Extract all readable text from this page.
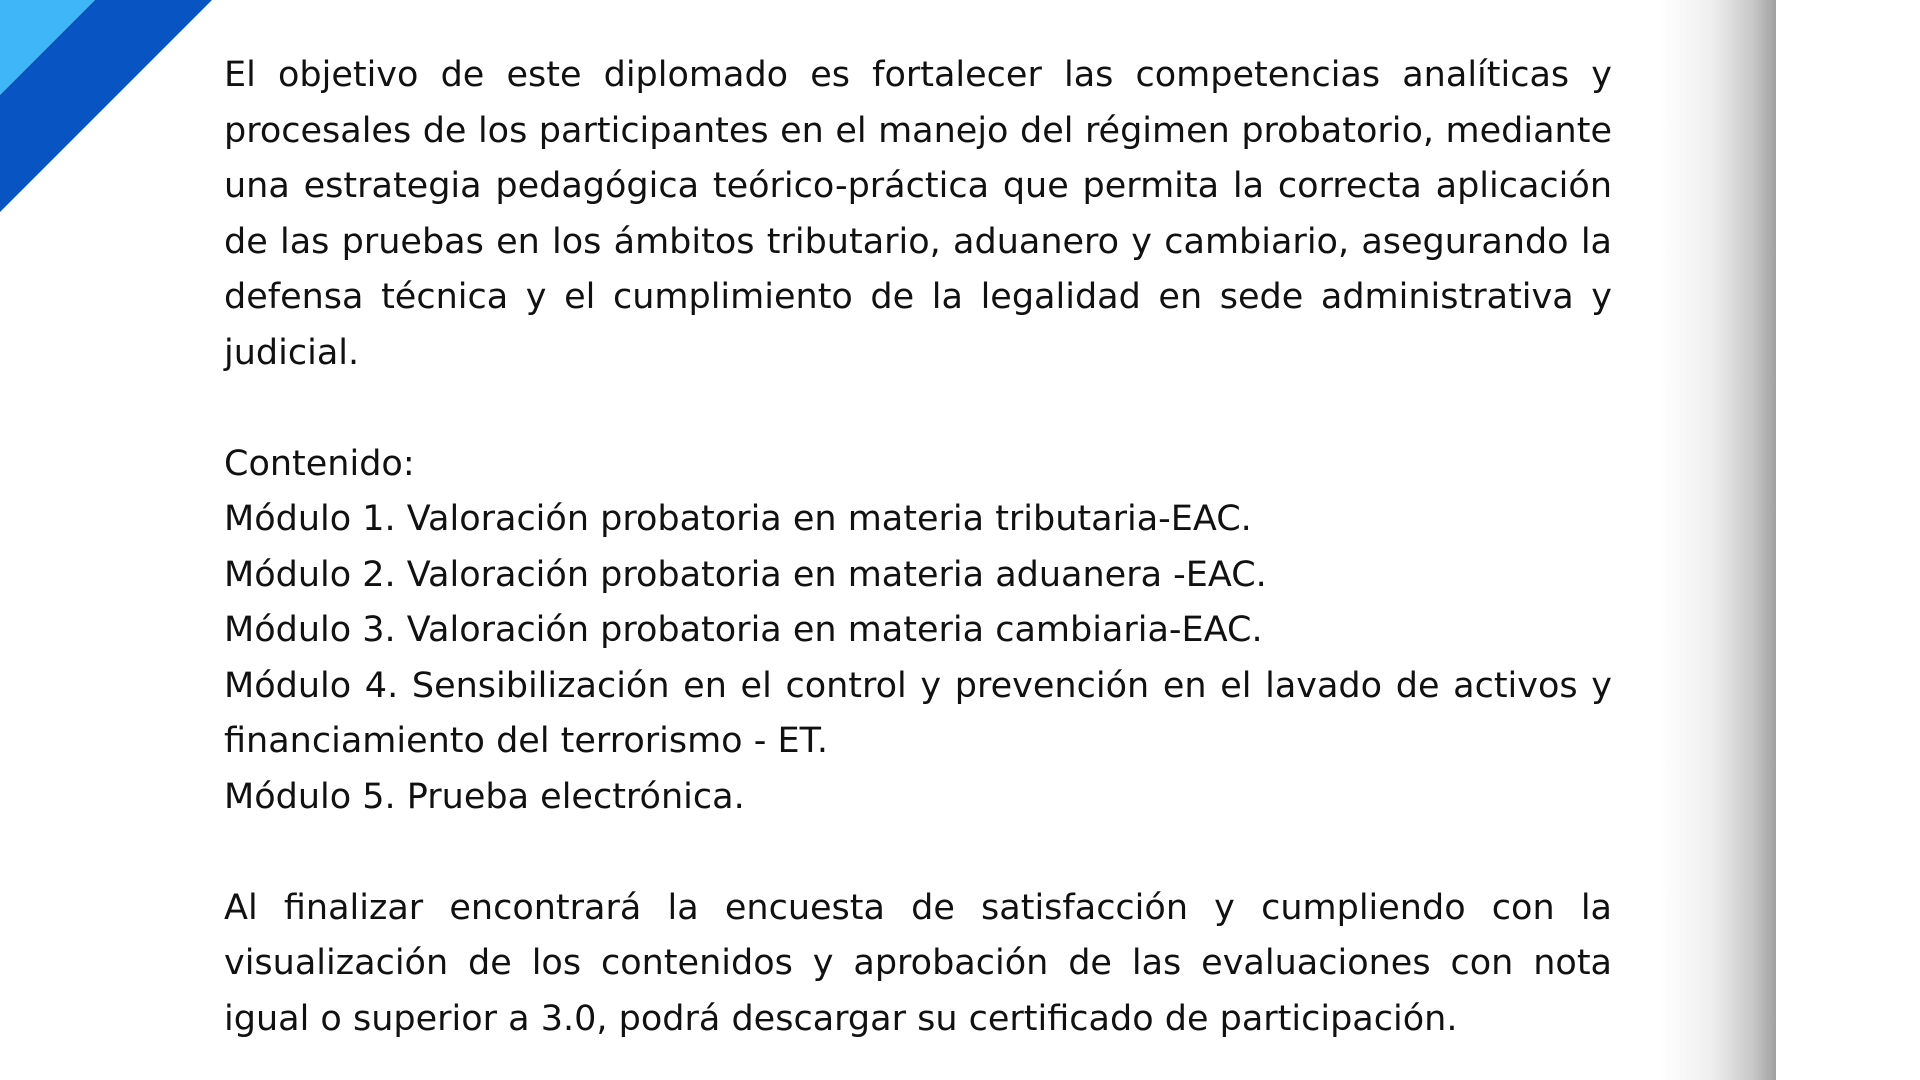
El objetivo de este diplomado es fortalecer las competencias analíticas y procesales de los participantes en el manejo del régimen probatorio, mediante una estrategia pedagógica teórico-práctica que permita la correcta aplicación de las pruebas en los ámbitos tributario, aduanero y cambiario, asegurando la defensa técnica y el cumplimiento de la legalidad en sede administrativa y judicial.

Contenido:

Módulo 1. Valoración probatoria en materia tributaria-EAC.

Módulo 2. Valoración probatoria en materia aduanera -EAC.

Módulo 3. Valoración probatoria en materia cambiaria-EAC.

Módulo 4. Sensibilización en el control y prevención en el lavado de activos y financiamiento del terrorismo - ET.

Módulo 5. Prueba electrónica.

Al finalizar encontrará la encuesta de satisfacción y cumpliendo con la visualización de los contenidos y aprobación de las evaluaciones con nota igual o superior a 3.0, podrá descargar su certificado de participación.
